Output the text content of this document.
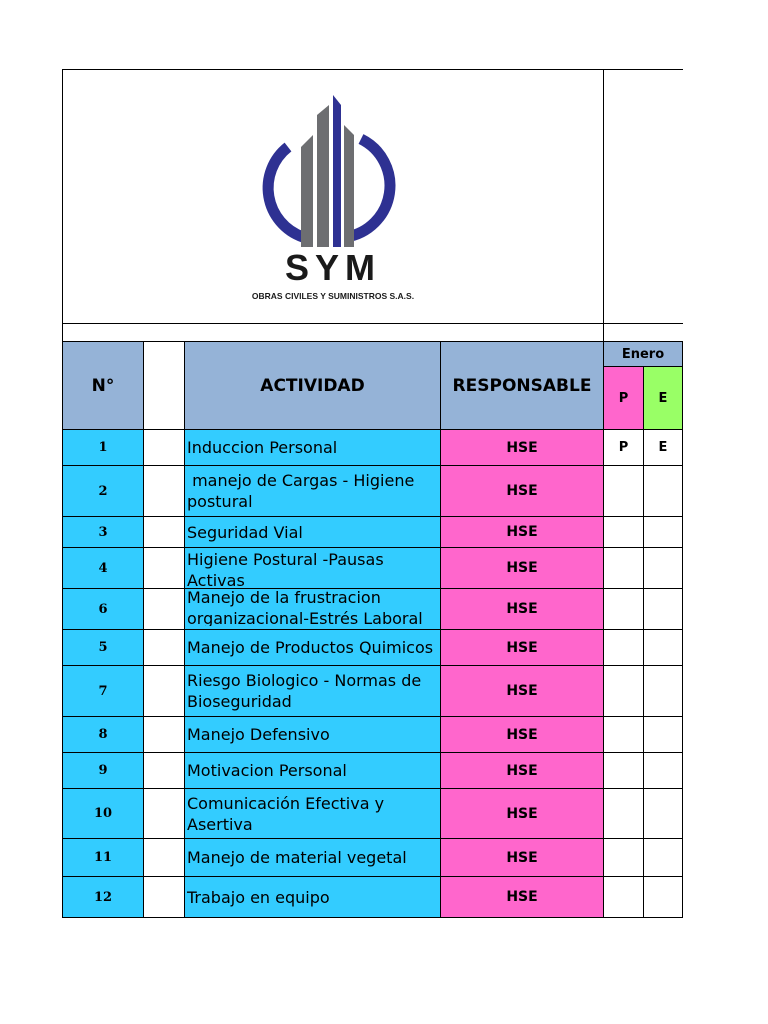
SYM
OBRAS CIVILES Y SUMINISTROS S.A.S.					

N°		ACTIVIDAD	RESPONSABLE	Enero	
				P	E
1		Induccion Personal	HSE	P	E
2		manejo de Cargas - Higiene postural	HSE		
3		Seguridad Vial	HSE		
4		Higiene Postural -Pausas Activas	HSE		
6		Manejo de la frustracion organizacional-Estrés Laboral	HSE		
5		Manejo de Productos Quimicos	HSE		
7		Riesgo Biologico - Normas de Bioseguridad	HSE		
8		Manejo Defensivo	HSE		
9		Motivacion Personal	HSE		
10		Comunicación Efectiva y Asertiva	HSE		
11		Manejo de material vegetal	HSE		
12		Trabajo en equipo	HSE		
